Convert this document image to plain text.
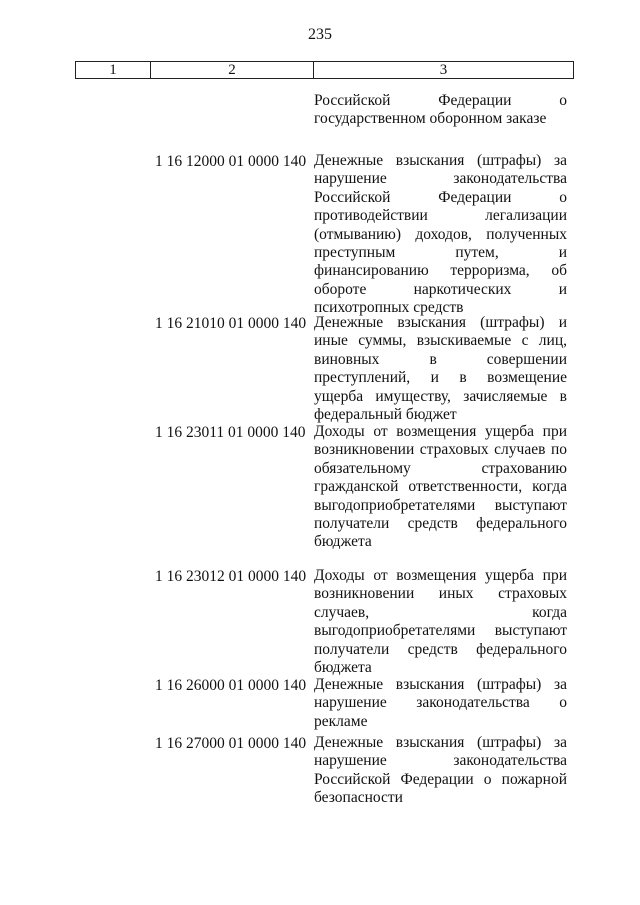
235
1	2	3
Российской Федерации о государственном оборонном заказе
1 16 12000 01 0000 140 Денежные взыскания (штрафы) за нарушение законодательства Российской Федерации о противодействии легализации (отмыванию) доходов, полученных преступным путем, и финансированию терроризма, об обороте наркотических и психотропных средств
1 16 21010 01 0000 140 Денежные взыскания (штрафы) и иные суммы, взыскиваемые с лиц, виновных в совершении преступлений, и в возмещение ущерба имуществу, зачисляемые в федеральный бюджет
1 16 23011 01 0000 140 Доходы от возмещения ущерба при возникновении страховых случаев по обязательному страхованию гражданской ответственности, когда выгодоприобретателями выступают получатели средств федерального бюджета
1 16 23012 01 0000 140 Доходы от возмещения ущерба при возникновении иных страховых случаев, когда выгодоприобретателями выступают получатели средств федерального бюджета
1 16 26000 01 0000 140 Денежные взыскания (штрафы) за нарушение законодательства о рекламе
1 16 27000 01 0000 140 Денежные взыскания (штрафы) за нарушение законодательства Российской Федерации о пожарной безопасности
